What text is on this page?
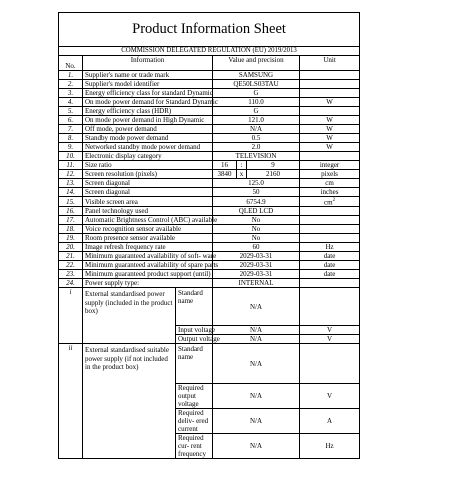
Product Information Sheet						
COMMISSION DELEGATED REGULATION (EU) 2019/2013						
No.	Information		Value and precision			Unit
1.	Supplier's name or trade mark		SAMSUNG			
2.	Supplier's model identifier		QE50LS03TAU			
3.	Energy efficiency class for standard Dynamic		G			
4.	On mode power demand for Standard Dynamic		110.0			W
5.	Energy efficiency class (HDR)		G			
6.	On mode power demand in High Dynamic		121.0			W
7.	Off mode, power demand		N/A			W
8.	Standby mode power demand		0.5			W
9.	Networked standby mode power demand		2.0			W
10.	Electronic display category		TELEVISION			
11.	Size ratio		16	:	9	integer
12.	Screen resolution (pixels)		3840	x	2160	pixels
13.	Screen diagonal		125.0			cm
14.	Screen diagonal		50			inches
15.	Visible screen area		6754.9			$cm^2$
16.	Panel technology used		QLED LCD			
17.	Automatic Brightness Control (ABC) available		No			
18.	Voice recognition sensor available		No			
19.	Room presence sensor available		No			
20.	Image refresh frequency rate		60			Hz
21.	Minimum guaranteed availability of soft- ware		2029-03-31			date
22.	Minimum guaranteed availability of spare parts		2029-03-31			date
23.	Minimum guaranteed product support (until)		2029-03-31			date
24.	Power supply type:		INTERNAL			
i	External standardised power supply (included in the product box)	Standard name	N/A			
		Input voltage	N/A			V
		Output voltage	N/A			V
ii	External standardised suitable power supply (if not included in the product box)	Standard name	N/A			
		Required output voltage	N/A			V
		Required deliv- ered current	N/A			A
		Required cur- rent frequency	N/A			Hz
